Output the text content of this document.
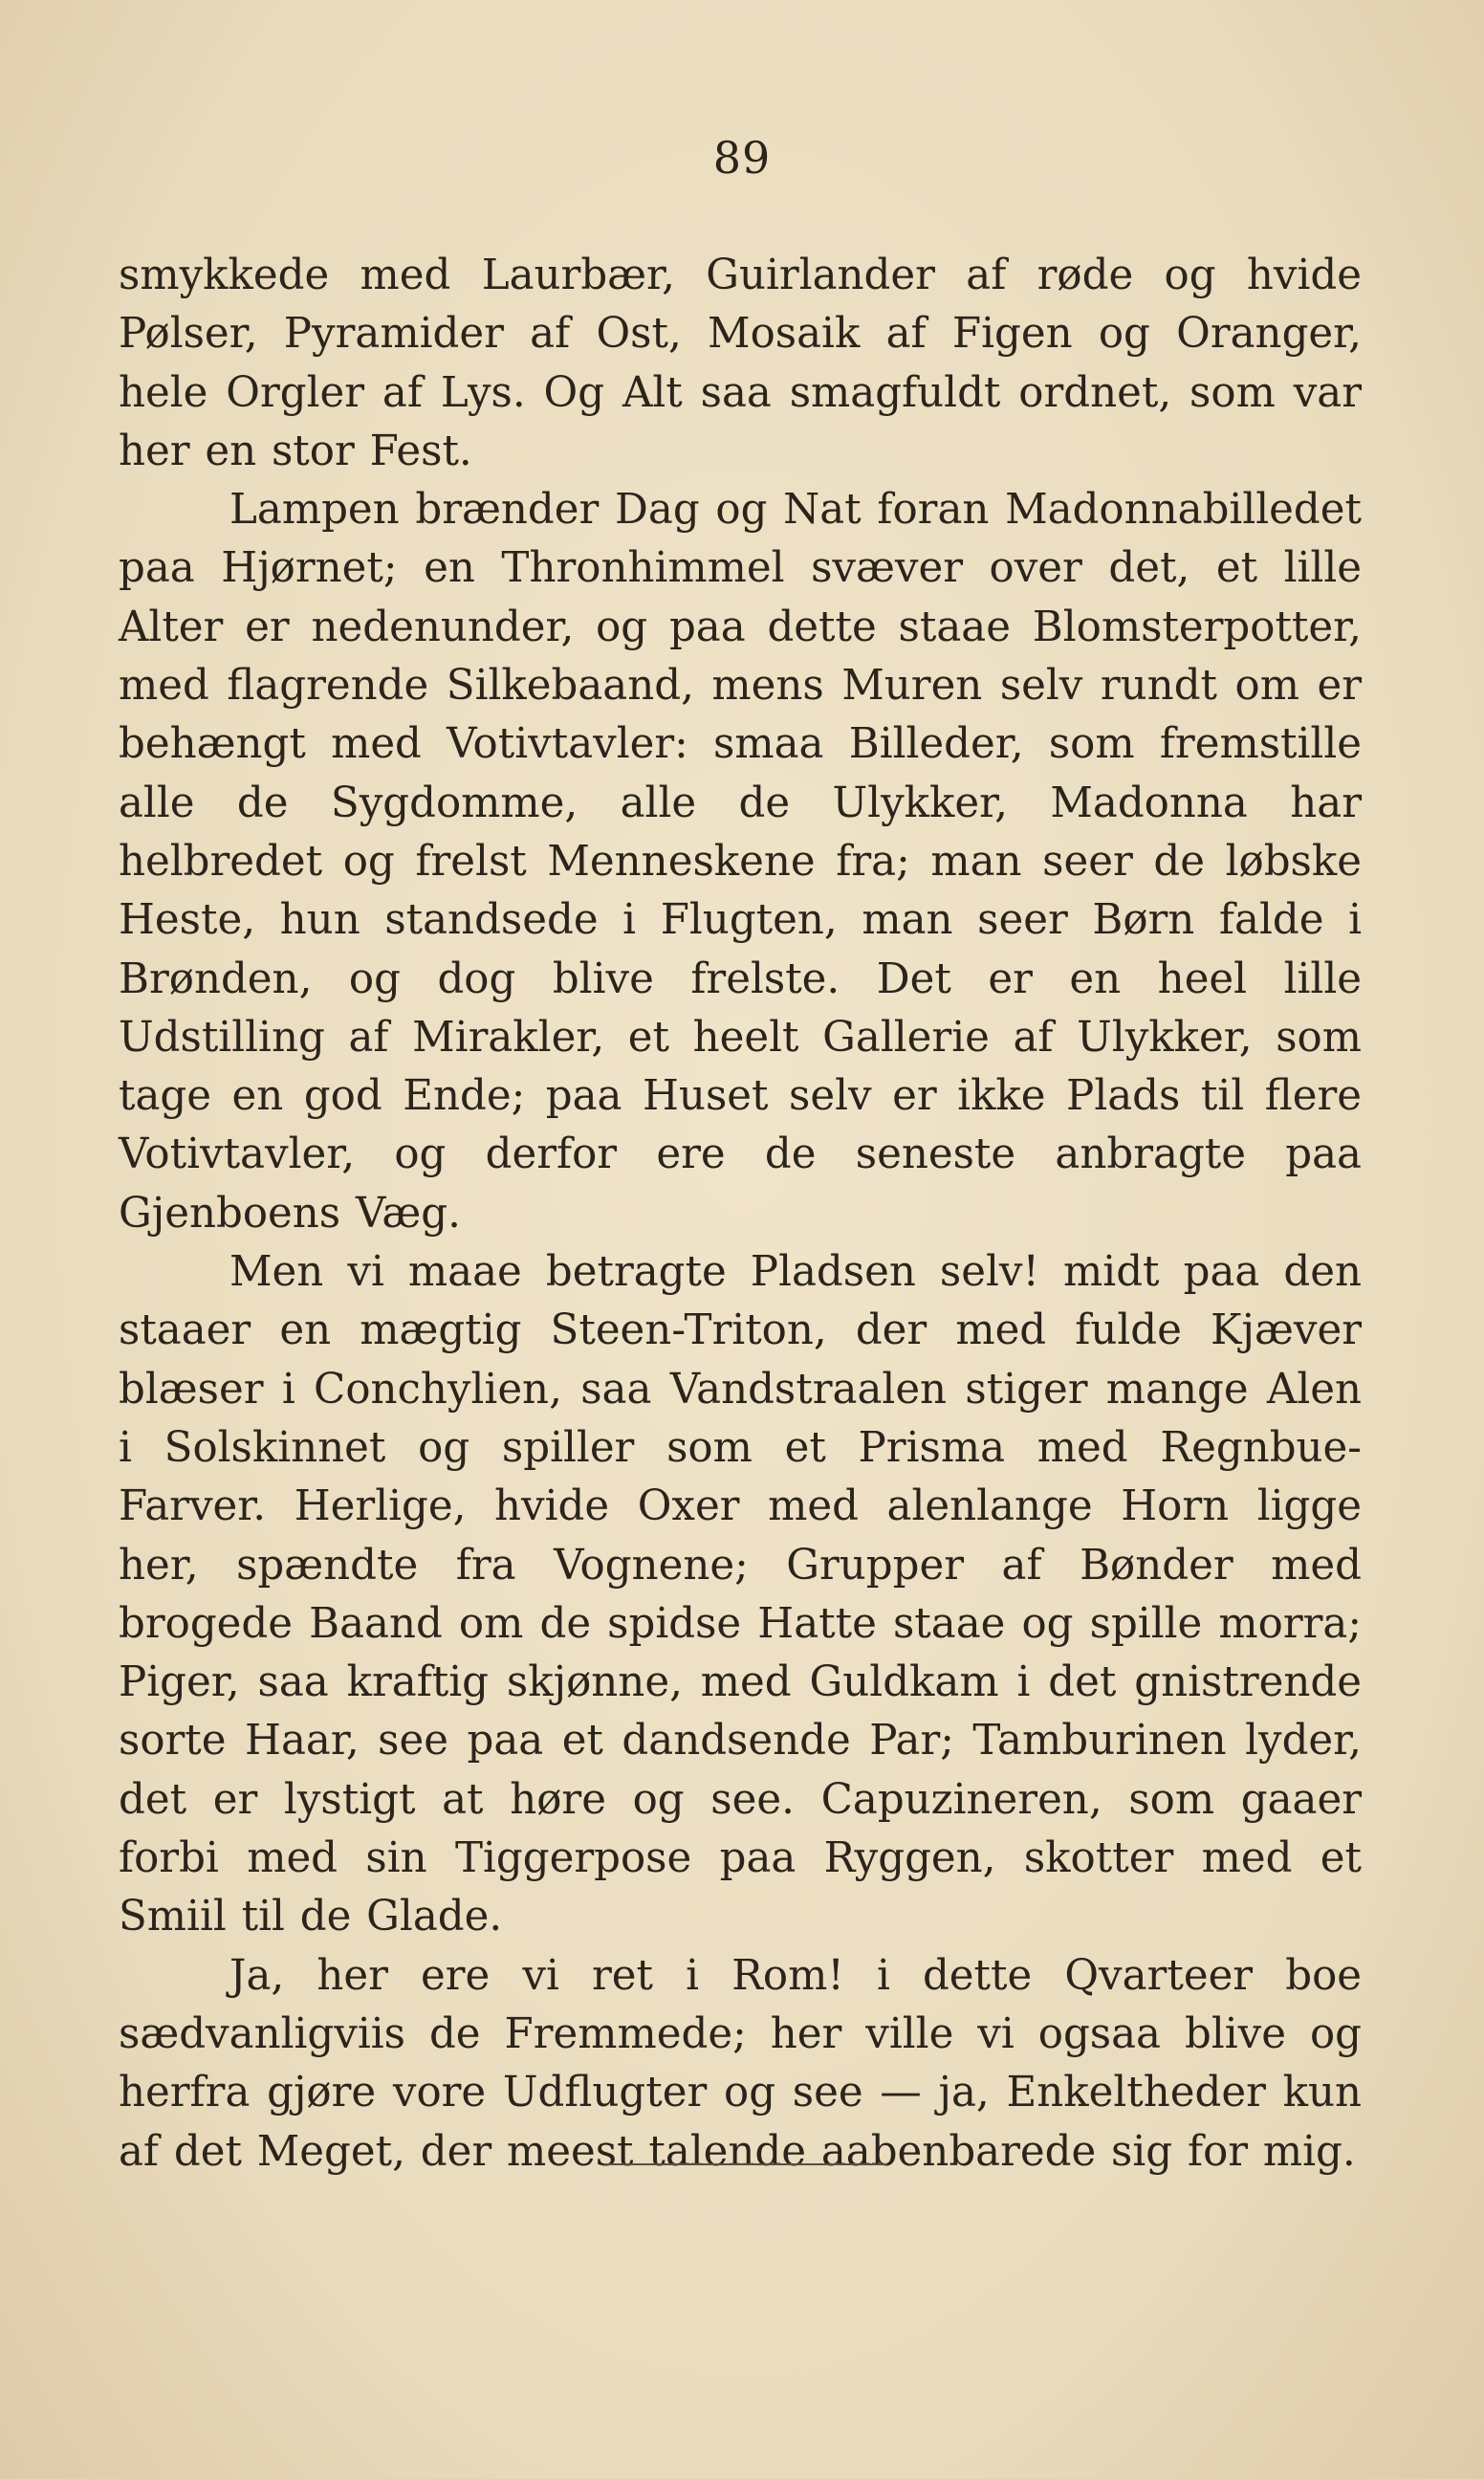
89

smykkede med Laurbær, Guirlander af røde og hvide Pølser, Pyramider af Ost, Mosaik af Figen og Oranger, hele Orgler af Lys. Og Alt saa smagfuldt ordnet, som var her en stor Fest.

Lampen brænder Dag og Nat foran Madonnabilledet paa Hjørnet; en Thronhimmel svæver over det, et lille Alter er nedenunder, og paa dette staae Blomsterpotter, med flagrende Silkebaand, mens Muren selv rundt om er behængt med Votivtavler: smaa Billeder, som fremstille alle de Sygdomme, alle de Ulykker, Madonna har helbredet og frelst Menneskene fra; man seer de løbske Heste, hun standsede i Flugten, man seer Børn falde i Brønden, og dog blive frelste. Det er en heel lille Udstilling af Mirakler, et heelt Gallerie af Ulykker, som tage en god Ende; paa Huset selv er ikke Plads til flere Votivtavler, og derfor ere de seneste anbragte paa Gjenboens Væg.

Men vi maae betragte Pladsen selv! midt paa den staaer en mægtig Steen-Triton, der med fulde Kjæver blæser i Conchylien, saa Vandstraalen stiger mange Alen i Solskinnet og spiller som et Prisma med Regnbue-Farver. Herlige, hvide Oxer med alenlange Horn ligge her, spændte fra Vognene; Grupper af Bønder med brogede Baand om de spidse Hatte staae og spille morra; Piger, saa kraftig skjønne, med Guldkam i det gnistrende sorte Haar, see paa et dandsende Par; Tamburinen lyder, det er lystigt at høre og see. Capuzineren, som gaaer forbi med sin Tiggerpose paa Ryggen, skotter med et Smiil til de Glade.

Ja, her ere vi ret i Rom! i dette Qvarteer boe sædvanligviis de Fremmede; her ville vi ogsaa blive og herfra gjøre vore Udflugter og see — ja, Enkeltheder kun af det Meget, der meest talende aabenbarede sig for mig.
